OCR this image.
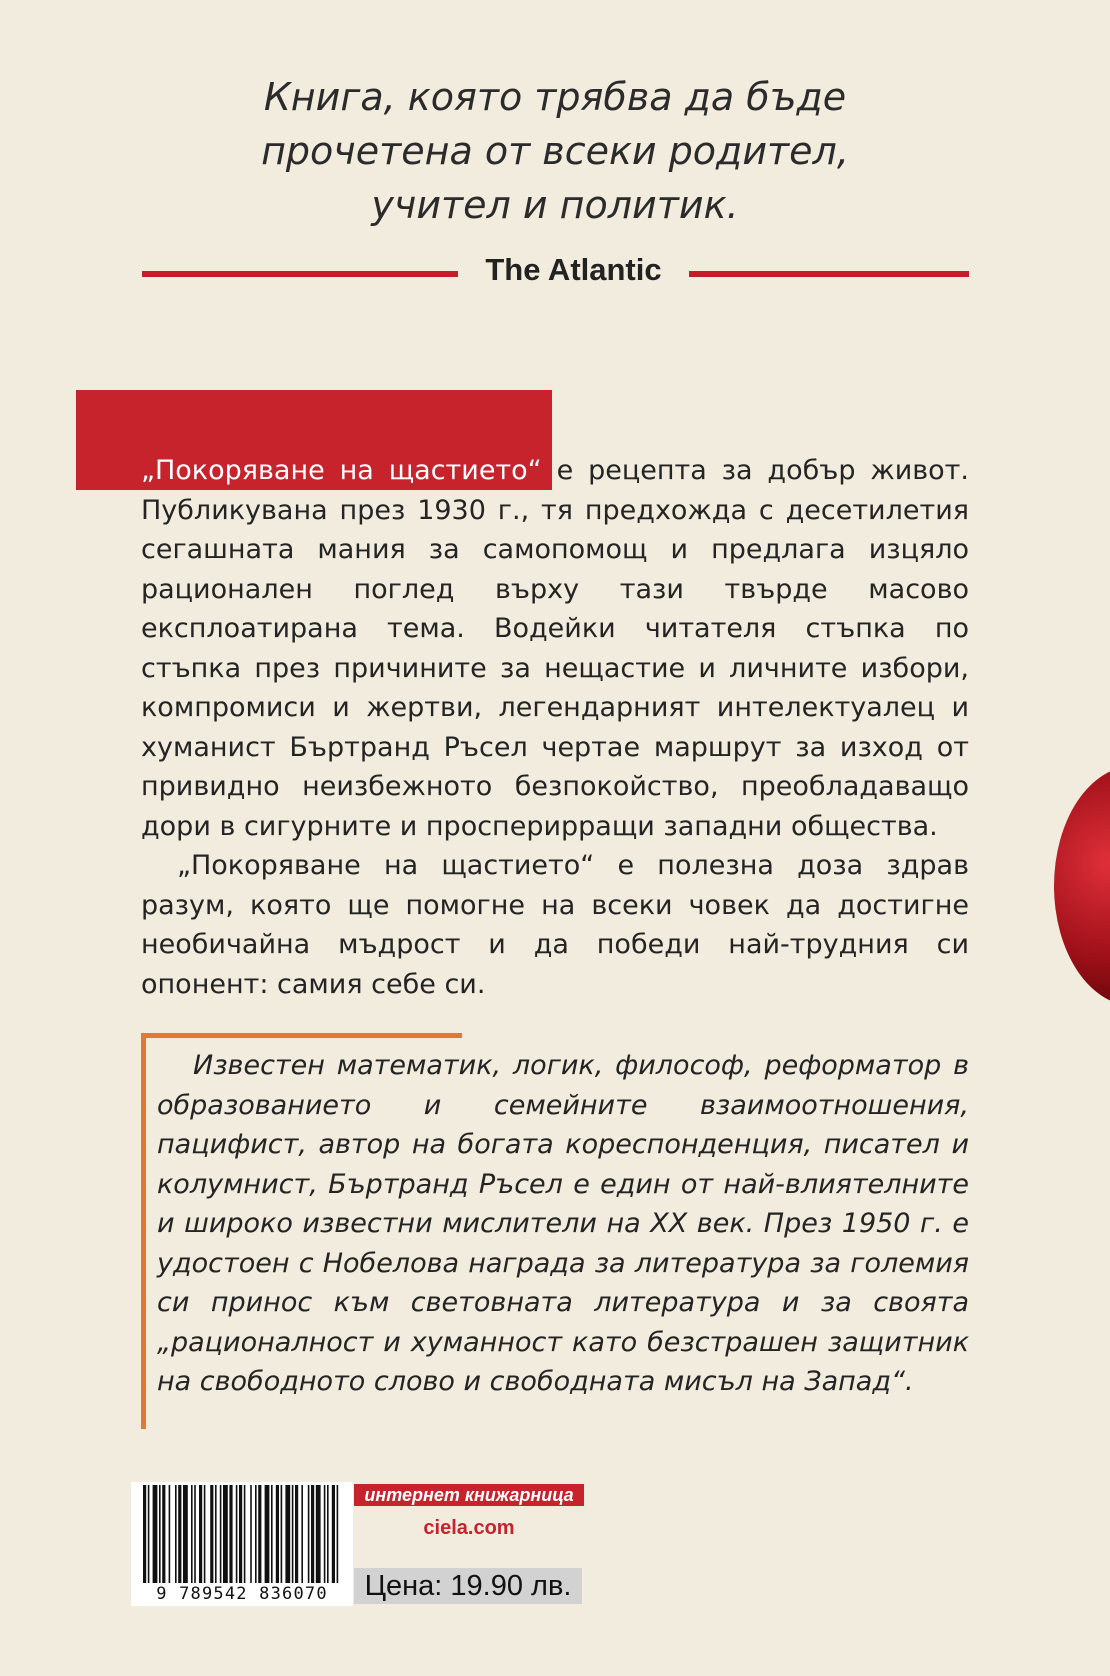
Книга, която трябва да бъде
прочетена от всеки родител,
учител и политик.
The Atlantic

„Покоряване на щастието“ е рецепта за добър живот. Публикувана през 1930 г., тя предхожда с десетилетия сегашната мания за самопомощ и предлага изцяло рационален поглед върху тази твърде масово експлоатирана тема. Водейки читателя стъпка по стъпка през причините за нещастие и личните избори, компромиси и жертви, легендарният интелектуалец и хуманист Бъртранд Ръсел чертае маршрут за изход от привидно неизбежното безпокойство, преобладаващо дори в сигурните и просперирращи западни общества.

„Покоряване на щастието“ е полезна доза здрав разум, която ще помогне на всеки човек да достигне необичайна мъдрост и да победи най-трудния си опонент: самия себе си.

Известен математик, логик, философ, реформатор в образованието и семейните взаимоотношения, пацифист, автор на богата кореспонденция, писател и колумнист, Бъртранд Ръсел е един от най-влиятелните и широко известни мислители на XX век. През 1950 г. е удостоен с Нобелова награда за литература за големия си принос към световната литература и за своята „рационалност и хуманност като безстрашен защитник на свободното слово и свободната мисъл на Запад“.
9 789542 836070
интернет книжарница
ciela.com
Цена: 19.90 лв.
